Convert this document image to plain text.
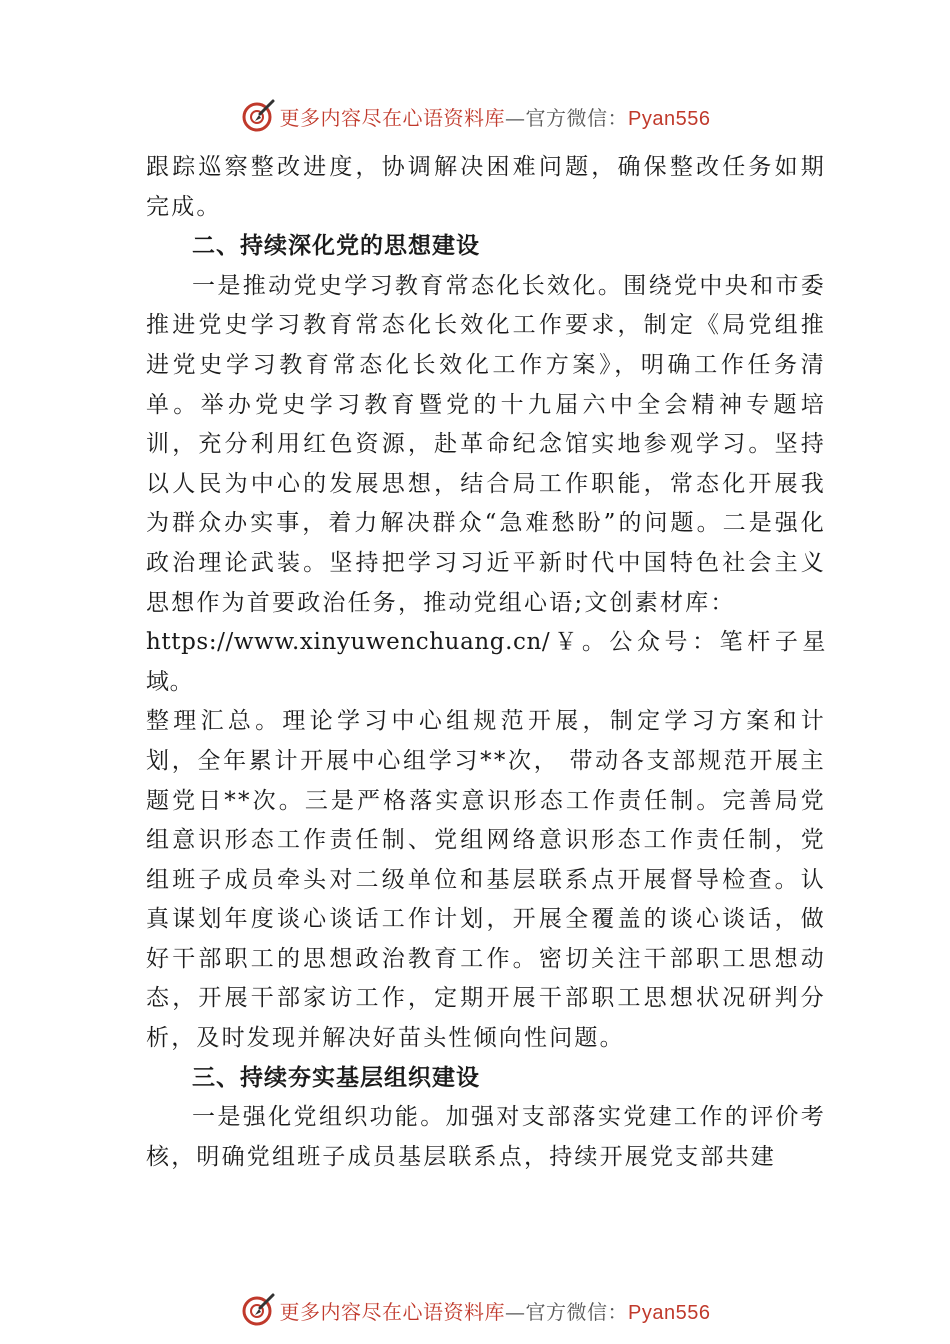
更多内容尽在心语资料库—官方微信：Pyan556

跟踪巡察整改进度，协调解决困难问题，确保整改任务如期完成。

二、持续深化党的思想建设

一是推动党史学习教育常态化长效化。围绕党中央和市委推进党史学习教育常态化长效化工作要求，制定《局党组推进党史学习教育常态化长效化工作方案》，明确工作任务清单。举办党史学习教育暨党的十九届六中全会精神专题培训，充分利用红色资源，赴革命纪念馆实地参观学习。坚持以人民为中心的发展思想，结合局工作职能，常态化开展我为群众办实事，着力解决群众“急难愁盼”的问题。二是强化政治理论武装。坚持把学习习近平新时代中国特色社会主义思想作为首要政治任务，推动党组心语;文创素材库：

https://www.xinyuwenchuang.cn/￥。公众号：笔杆子星域。

整理汇总。理论学习中心组规范开展，制定学习方案和计划，全年累计开展中心组学习**次， 带动各支部规范开展主题党日**次。三是严格落实意识形态工作责任制。完善局党组意识形态工作责任制、党组网络意识形态工作责任制，党组班子成员牵头对二级单位和基层联系点开展督导检查。认真谋划年度谈心谈话工作计划，开展全覆盖的谈心谈话，做好干部职工的思想政治教育工作。密切关注干部职工思想动态，开展干部家访工作，定期开展干部职工思想状况研判分析，及时发现并解决好苗头性倾向性问题。

三、持续夯实基层组织建设

一是强化党组织功能。加强对支部落实党建工作的评价考核，明确党组班子成员基层联系点，持续开展党支部共建

更多内容尽在心语资料库—官方微信：Pyan556
